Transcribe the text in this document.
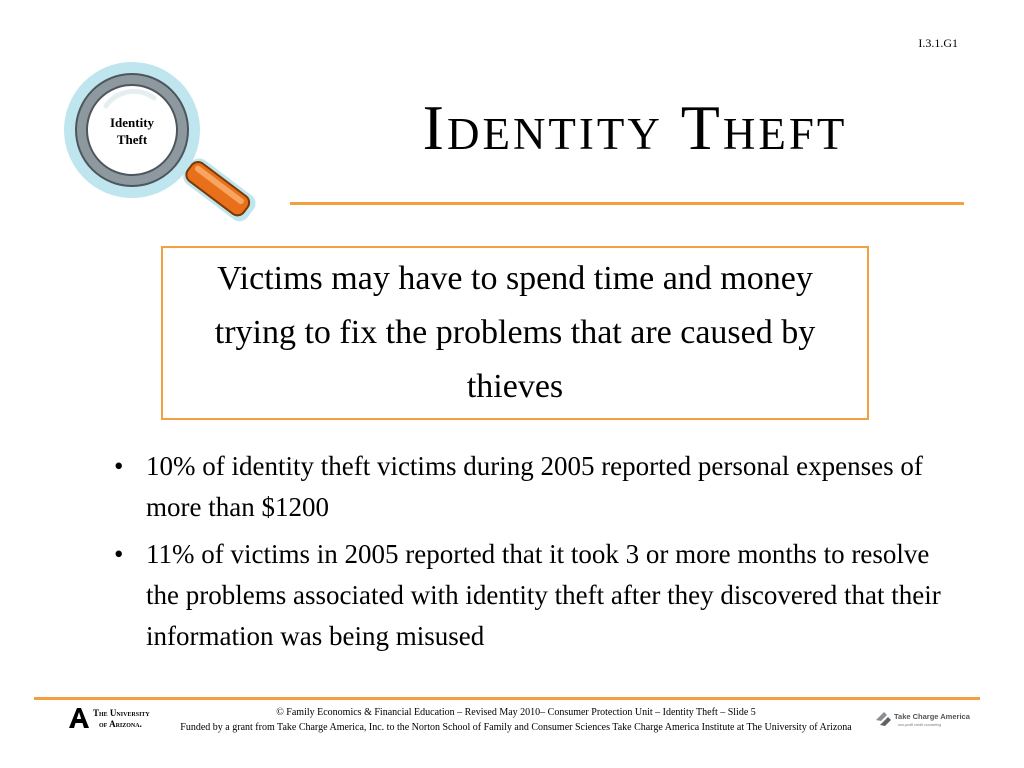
I.3.1.G1
Identity
Theft	Identity Theft
Victims may have to spend time and money trying to fix the problems that are caused by thieves
• 10% of identity theft victims during 2005 reported personal expenses of more than $1200
• 11% of victims in 2005 reported that it took 3 or more months to resolve the problems associated with identity theft after they discovered that their information was being misused
The University
of Arizona.
© Family Economics & Financial Education – Revised May 2010– Consumer Protection Unit – Identity Theft – Slide 5
Funded by a grant from Take Charge America, Inc. to the Norton School of Family and Consumer Sciences Take Charge America Institute at The University of Arizona
Take Charge America
non-profit credit counseling
